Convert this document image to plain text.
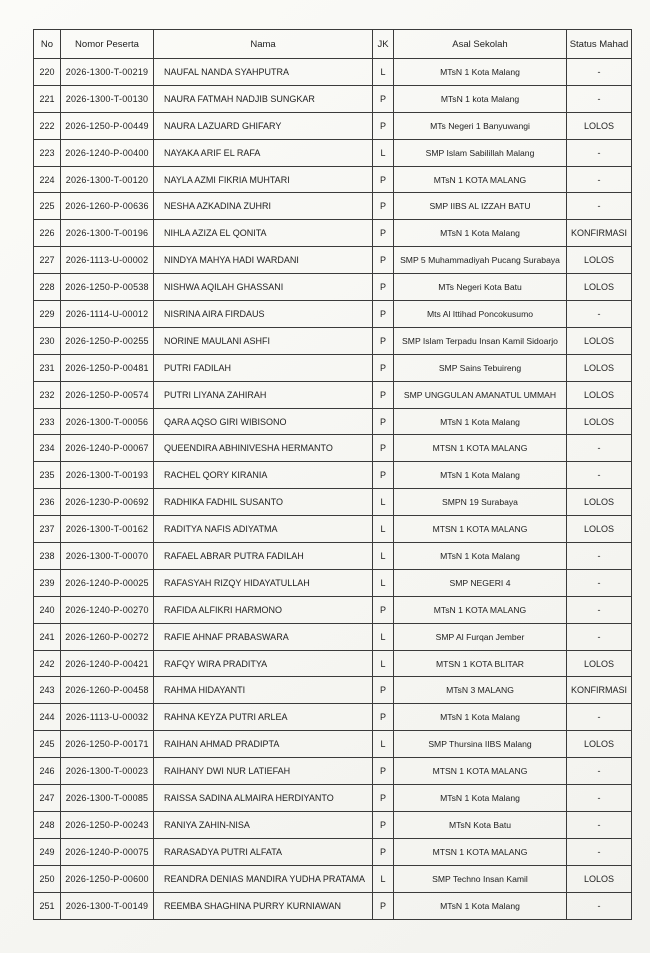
No	Nomor Peserta	Nama	JK	Asal Sekolah	Status Mahad
220	2026-1300-T-00219	NAUFAL NANDA SYAHPUTRA	L	MTsN 1 Kota Malang	-
221	2026-1300-T-00130	NAURA FATMAH NADJIB SUNGKAR	P	MTsN 1 kota Malang	-
222	2026-1250-P-00449	NAURA LAZUARD GHIFARY	P	MTs Negeri 1 Banyuwangi	LOLOS
223	2026-1240-P-00400	NAYAKA ARIF EL RAFA	L	SMP Islam Sabilillah Malang	-
224	2026-1300-T-00120	NAYLA AZMI FIKRIA MUHTARI	P	MTsN 1 KOTA MALANG	-
225	2026-1260-P-00636	NESHA AZKADINA ZUHRI	P	SMP IIBS AL IZZAH BATU	-
226	2026-1300-T-00196	NIHLA AZIZA EL QONITA	P	MTsN 1 Kota Malang	KONFIRMASI
227	2026-1113-U-00002	NINDYA MAHYA HADI WARDANI	P	SMP 5 Muhammadiyah Pucang Surabaya	LOLOS
228	2026-1250-P-00538	NISHWA AQILAH GHASSANI	P	MTs Negeri Kota Batu	LOLOS
229	2026-1114-U-00012	NISRINA AIRA FIRDAUS	P	Mts Al Ittihad Poncokusumo	-
230	2026-1250-P-00255	NORINE MAULANI ASHFI	P	SMP Islam Terpadu Insan Kamil Sidoarjo	LOLOS
231	2026-1250-P-00481	PUTRI FADILAH	P	SMP Sains Tebuireng	LOLOS
232	2026-1250-P-00574	PUTRI LIYANA ZAHIRAH	P	SMP UNGGULAN AMANATUL UMMAH	LOLOS
233	2026-1300-T-00056	QARA AQSO GIRI WIBISONO	P	MTsN 1 Kota Malang	LOLOS
234	2026-1240-P-00067	QUEENDIRA ABHINIVESHA HERMANTO	P	MTSN 1 KOTA MALANG	-
235	2026-1300-T-00193	RACHEL QORY KIRANIA	P	MTsN 1 Kota Malang	-
236	2026-1230-P-00692	RADHIKA FADHIL SUSANTO	L	SMPN 19 Surabaya	LOLOS
237	2026-1300-T-00162	RADITYA NAFIS ADIYATMA	L	MTSN 1 KOTA MALANG	LOLOS
238	2026-1300-T-00070	RAFAEL ABRAR PUTRA FADILAH	L	MTsN 1 Kota Malang	-
239	2026-1240-P-00025	RAFASYAH RIZQY HIDAYATULLAH	L	SMP NEGERI 4	-
240	2026-1240-P-00270	RAFIDA ALFIKRI HARMONO	P	MTsN 1 KOTA MALANG	-
241	2026-1260-P-00272	RAFIE AHNAF PRABASWARA	L	SMP Al Furqan Jember	-
242	2026-1240-P-00421	RAFQY WIRA PRADITYA	L	MTSN 1 KOTA BLITAR	LOLOS
243	2026-1260-P-00458	RAHMA HIDAYANTI	P	MTsN 3 MALANG	KONFIRMASI
244	2026-1113-U-00032	RAHNA KEYZA PUTRI ARLEA	P	MTsN 1 Kota Malang	-
245	2026-1250-P-00171	RAIHAN AHMAD PRADIPTA	L	SMP Thursina IIBS Malang	LOLOS
246	2026-1300-T-00023	RAIHANY DWI NUR LATIEFAH	P	MTSN 1 KOTA MALANG	-
247	2026-1300-T-00085	RAISSA SADINA ALMAIRA HERDIYANTO	P	MTsN 1 Kota Malang	-
248	2026-1250-P-00243	RANIYA ZAHIN-NISA	P	MTsN Kota Batu	-
249	2026-1240-P-00075	RARASADYA PUTRI ALFATA	P	MTSN 1 KOTA MALANG	-
250	2026-1250-P-00600	REANDRA DENIAS MANDIRA YUDHA PRATAMA	L	SMP Techno Insan Kamil	LOLOS
251	2026-1300-T-00149	REEMBA SHAGHINA PURRY KURNIAWAN	P	MTsN 1 Kota Malang	-
